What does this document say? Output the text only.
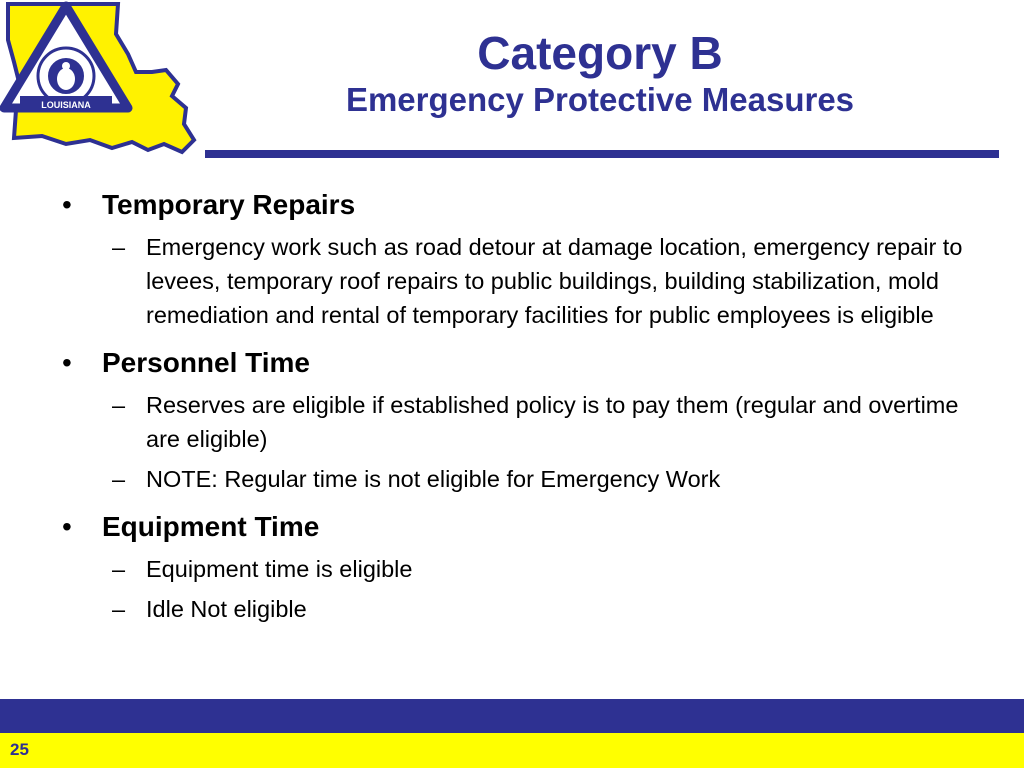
LOUISIANA
Category B
Emergency Protective Measures
• Temporary Repairs
– Emergency work such as road detour at damage location, emergency repair to levees, temporary roof repairs to public buildings, building stabilization, mold remediation and rental of temporary facilities for public employees is eligible
• Personnel Time
– Reserves are eligible if established policy is to pay them (regular and overtime are eligible)
– NOTE: Regular time is not eligible for Emergency Work
• Equipment Time
– Equipment time is eligible
– Idle Not eligible
25
